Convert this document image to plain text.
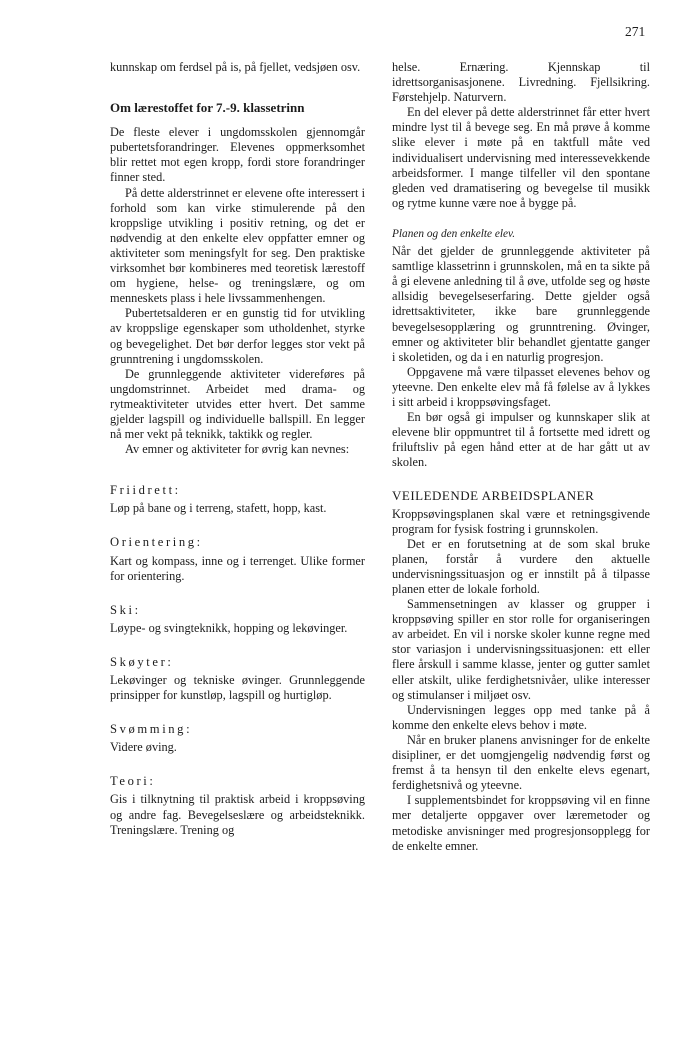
271

kunnskap om ferdsel på is, på fjellet, vedsjøen osv.

Om lærestoffet for 7.-9. klassetrinn

De fleste elever i ungdomsskolen gjennomgår pubertetsforandringer. Elevenes oppmerksomhet blir rettet mot egen kropp, fordi store forandringer finner sted.

På dette alderstrinnet er elevene ofte interessert i forhold som kan virke stimulerende på den kroppslige utvikling i positiv retning, og det er nødvendig at den enkelte elev oppfatter emner og aktiviteter som meningsfylt for seg. Den praktiske virksomhet bør kombineres med teoretisk lærestoff om hygiene, helse- og treningslære, og om menneskets plass i hele livssammenhengen.

Pubertetsalderen er en gunstig tid for utvikling av kroppslige egenskaper som utholdenhet, styrke og bevegelighet. Det bør derfor legges stor vekt på grunntrening i ungdomsskolen.

De grunnleggende aktiviteter videreføres på ungdomstrinnet. Arbeidet med drama- og rytmeaktiviteter utvides etter hvert. Det samme gjelder lagspill og individuelle ballspill. En legger nå mer vekt på teknikk, taktikk og regler.

Av emner og aktiviteter for øvrig kan nevnes:

Friidrett:

Løp på bane og i terreng, stafett, hopp, kast.

Orientering:

Kart og kompass, inne og i terrenget. Ulike former for orientering.

Ski:

Løype- og svingteknikk, hopping og lekøvinger.

Skøyter:

Lekøvinger og tekniske øvinger. Grunnleggende prinsipper for kunstløp, lagspill og hurtigløp.

Svømming:

Videre øving.

Teori:

Gis i tilknytning til praktisk arbeid i kroppsøving og andre fag. Bevegelseslære og arbeidsteknikk. Treningslære. Trening og

helse. Ernæring. Kjennskap til idrettsorganisasjonene. Livredning. Fjellsikring. Førstehjelp. Naturvern.

En del elever på dette alderstrinnet får etter hvert mindre lyst til å bevege seg. En må prøve å komme slike elever i møte på en taktfull måte ved individualisert undervisning med interessevekkende arbeidsformer. I mange tilfeller vil den spontane gleden ved dramatisering og bevegelse til musikk og rytme kunne være noe å bygge på.

Planen og den enkelte elev.

Når det gjelder de grunnleggende aktiviteter på samtlige klassetrinn i grunnskolen, må en ta sikte på å gi elevene anledning til å øve, utfolde seg og høste allsidig bevegelseserfaring. Dette gjelder også idrettsaktiviteter, ikke bare grunnleggende bevegelsesopplæring og grunntrening. Øvinger, emner og aktiviteter blir behandlet gjentatte ganger i skoletiden, og da i en naturlig progresjon.

Oppgavene må være tilpasset elevenes behov og yteevne. Den enkelte elev må få følelse av å lykkes i sitt arbeid i kroppsøvingsfaget.

En bør også gi impulser og kunnskaper slik at elevene blir oppmuntret til å fortsette med idrett og friluftsliv på egen hånd etter at de har gått ut av skolen.

VEILEDENDE ARBEIDSPLANER

Kroppsøvingsplanen skal være et retningsgivende program for fysisk fostring i grunnskolen.

Det er en forutsetning at de som skal bruke planen, forstår å vurdere den aktuelle undervisningssituasjon og er innstilt på å tilpasse planen etter de lokale forhold.

Sammensetningen av klasser og grupper i kroppsøving spiller en stor rolle for organiseringen av arbeidet. En vil i norske skoler kunne regne med stor variasjon i undervisningssituasjonen: ett eller flere årskull i samme klasse, jenter og gutter samlet eller atskilt, ulike ferdighetsnivåer, ulike interesser og stimulanser i miljøet osv.

Undervisningen legges opp med tanke på å komme den enkelte elevs behov i møte.

Når en bruker planens anvisninger for de enkelte disipliner, er det uomgjengelig nødvendig først og fremst å ta hensyn til den enkelte elevs egenart, ferdighetsnivå og yteevne.

I supplementsbindet for kroppsøving vil en finne mer detaljerte oppgaver over læremetoder og metodiske anvisninger med progresjonsopplegg for de enkelte emner.
